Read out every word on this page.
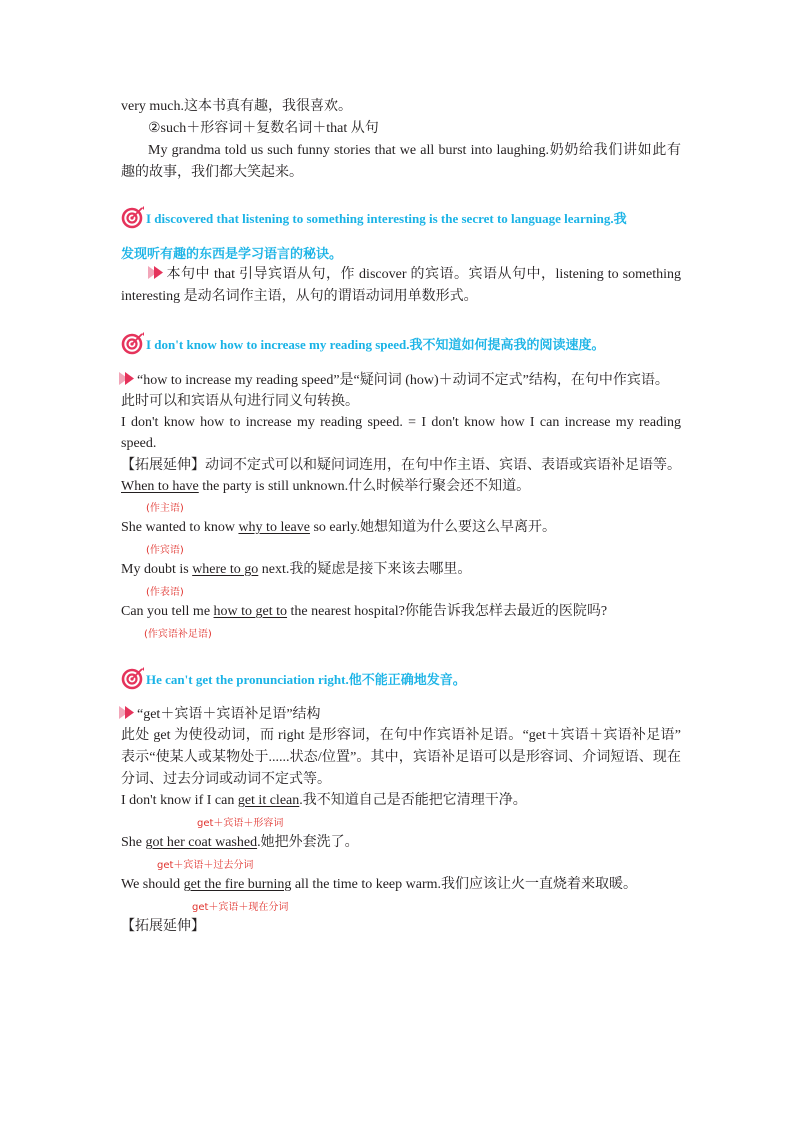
very much.这本书真有趣，我很喜欢。
②such＋形容词＋复数名词＋that 从句
My grandma told us such funny stories that we all burst into laughing.奶奶给我们讲如此有
趣的故事，我们都大笑起来。
I discovered that listening to something interesting is the secret to language learning.我
发现听有趣的东西是学习语言的秘诀。
本句中 that 引导宾语从句，作 discover 的宾语。宾语从句中，listening to something
interesting 是动名词作主语，从句的谓语动词用单数形式。
I don't know how to increase my reading speed.我不知道如何提高我的阅读速度。
“how to increase my reading speed”是“疑问词 (how)＋动词不定式”结构，在句中作宾语。
此时可以和宾语从句进行同义句转换。
I don't know how to increase my reading speed. = I don't know how I can increase my reading
speed.
【拓展延伸】动词不定式可以和疑问词连用，在句中作主语、宾语、表语或宾语补足语等。
When to have the party is still unknown.什么时候举行聚会还不知道。
(作主语)
She wanted to know why to leave so early.她想知道为什么要这么早离开。
(作宾语)
My doubt is where to go next.我的疑虑是接下来该去哪里。
(作表语)
Can you tell me how to get to the nearest hospital?你能告诉我怎样去最近的医院吗?
(作宾语补足语)
He can't get the pronunciation right.他不能正确地发音。
“get＋宾语＋宾语补足语”结构
此处 get 为使役动词，而 right 是形容词，在句中作宾语补足语。“get＋宾语＋宾语补足语”
表示“使某人或某物处于......状态/位置”。其中，宾语补足语可以是形容词、介词短语、现在
分词、过去分词或动词不定式等。
I don't know if I can get it clean.我不知道自己是否能把它清理干净。
get＋宾语＋形容词
She got her coat washed.她把外套洗了。
get＋宾语＋过去分词
We should get the fire burning all the time to keep warm.我们应该让火一直烧着来取暖。
get＋宾语＋现在分词
【拓展延伸】
